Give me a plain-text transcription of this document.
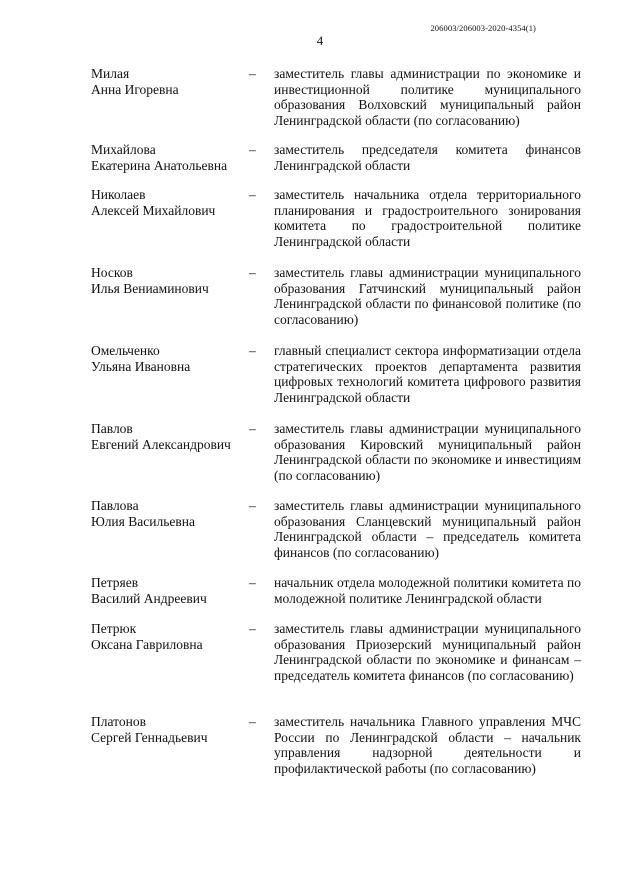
206003/206003-2020-4354(1)
4
Милая
Анна Игоревна
– заместитель главы администрации по экономике и инвестиционной политике муниципального образования Волховский муниципальный район Ленинградской области (по согласованию)
Михайлова
Екатерина Анатольевна
– заместитель председателя комитета финансов Ленинградской области
Николаев
Алексей Михайлович
– заместитель начальника отдела территориального планирования и градостроительного зонирования комитета по градостроительной политике Ленинградской области
Носков
Илья Вениаминович
– заместитель главы администрации муниципального образования Гатчинский муниципальный район Ленинградской области по финансовой политике (по согласованию)
Омельченко
Ульяна Ивановна
– главный специалист сектора информатизации отдела стратегических проектов департамента развития цифровых технологий комитета цифрового развития Ленинградской области
Павлов
Евгений Александрович
– заместитель главы администрации муниципального образования Кировский муниципальный район Ленинградской области по экономике и инвестициям (по согласованию)
Павлова
Юлия Васильевна
– заместитель главы администрации муниципального образования Сланцевский муниципальный район Ленинградской области – председатель комитета финансов (по согласованию)
Петряев
Василий Андреевич
– начальник отдела молодежной политики комитета по молодежной политике Ленинградской области
Петрюк
Оксана Гавриловна
– заместитель главы администрации муниципального образования Приозерский муниципальный район Ленинградской области по экономике и финансам – председатель комитета финансов (по согласованию)
Платонов
Сергей Геннадьевич
– заместитель начальника Главного управления МЧС России по Ленинградской области – начальник управления надзорной деятельности и профилактической работы (по согласованию)
